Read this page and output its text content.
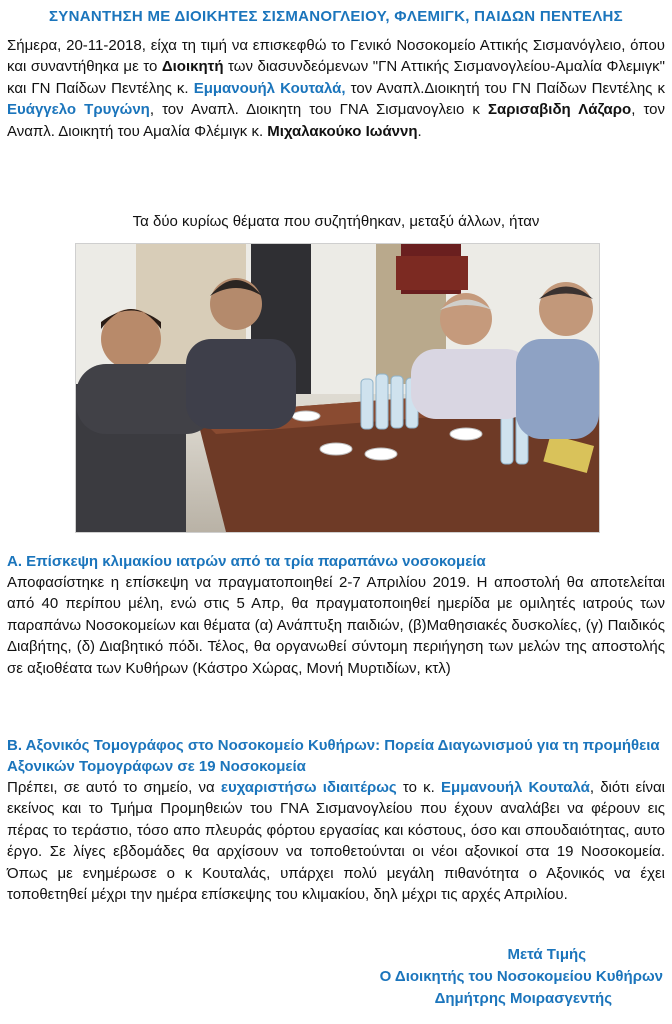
ΣΥΝΑΝΤΗΣΗ ΜΕ ΔΙΟΙΚΗΤΕΣ ΣΙΣΜΑΝΟΓΛΕΙΟΥ, ΦΛΕΜΙΓΚ, ΠΑΙΔΩΝ ΠΕΝΤΕΛΗΣ
Σήμερα, 20-11-2018, είχα τη τιμή να επισκεφθώ το Γενικό Νοσοκομείο Αττικής Σισμανόγλειο, όπου και συναντήθηκα με το Διοικητή των διασυνδεόμενων "ΓΝ Αττικής Σισμανογλείου-Αμαλία Φλεμιγκ" και ΓΝ Παίδων Πεντέλης κ. Εμμανουήλ Κουταλά, τον Αναπλ.Διοικητή του ΓΝ Παίδων Πεντέλης κ Ευάγγελο Τρυγώνη, τον Αναπλ. Διοικητη του ΓΝΑ Σισμανογλειο κ Σαρισαβιδη Λάζαρο, τον Αναπλ. Διοικητή του Αμαλία Φλέμιγκ κ. Μιχαλακούκο Ιωάννη.
Τα δύο κυρίως θέματα που συζητήθηκαν, μεταξύ άλλων, ήταν
Α. Επίσκεψη κλιμακίου ιατρών από τα τρία παραπάνω νοσοκομεία
Αποφασίστηκε η επίσκεψη να πραγματοποιηθεί 2-7 Απριλίου 2019. Η αποστολή θα αποτελείται από 40 περίπου μέλη, ενώ στις 5 Απρ, θα πραγματοποιηθεί ημερίδα με ομιλητές ιατρούς των παραπάνω Νοσοκομείων και θέματα (α) Ανάπτυξη παιδιών, (β)Μαθησιακές δυσκολίες, (γ) Παιδικός Διαβήτης, (δ) Διαβητικό πόδι. Τέλος, θα οργανωθεί σύντομη περιήγηση των μελών της αποστολής σε αξιοθέατα των Κυθήρων (Κάστρο Χώρας, Μονή Μυρτιδίων, κτλ)
Β. Αξονικός Τομογράφος στο Νοσοκομείο Κυθήρων: Πορεία Διαγωνισμού για τη προμήθεια Αξονικών Τομογράφων σε 19 Νοσοκομεία
Πρέπει, σε αυτό το σημείο, να ευχαριστήσω ιδιαιτέρως το κ. Εμμανουήλ Κουταλά, διότι είναι εκείνος και το Τμήμα Προμηθειών του ΓΝΑ Σισμανογλείου που έχουν αναλάβει να φέρουν εις πέρας το τεράστιο, τόσο απο πλευράς φόρτου εργασίας και κόστους, όσο και σπουδαιότητας, αυτο έργο. Σε λίγες εβδομάδες θα αρχίσουν να τοποθετούνται οι νέοι αξονικοί στα 19 Νοσοκομεία. Όπως με ενημέρωσε ο κ Κουταλάς, υπάρχει πολύ μεγάλη πιθανότητα ο Αξονικός να έχει τοποθετηθεί μέχρι την ημέρα επίσκεψης του κλιμακίου, δηλ μέχρι τις αρχές Απριλίου.
Μετά Τιμής
Ο Διοικητής του Νοσοκομείου Κυθήρων
Δημήτρης Μοιρασγεντής
